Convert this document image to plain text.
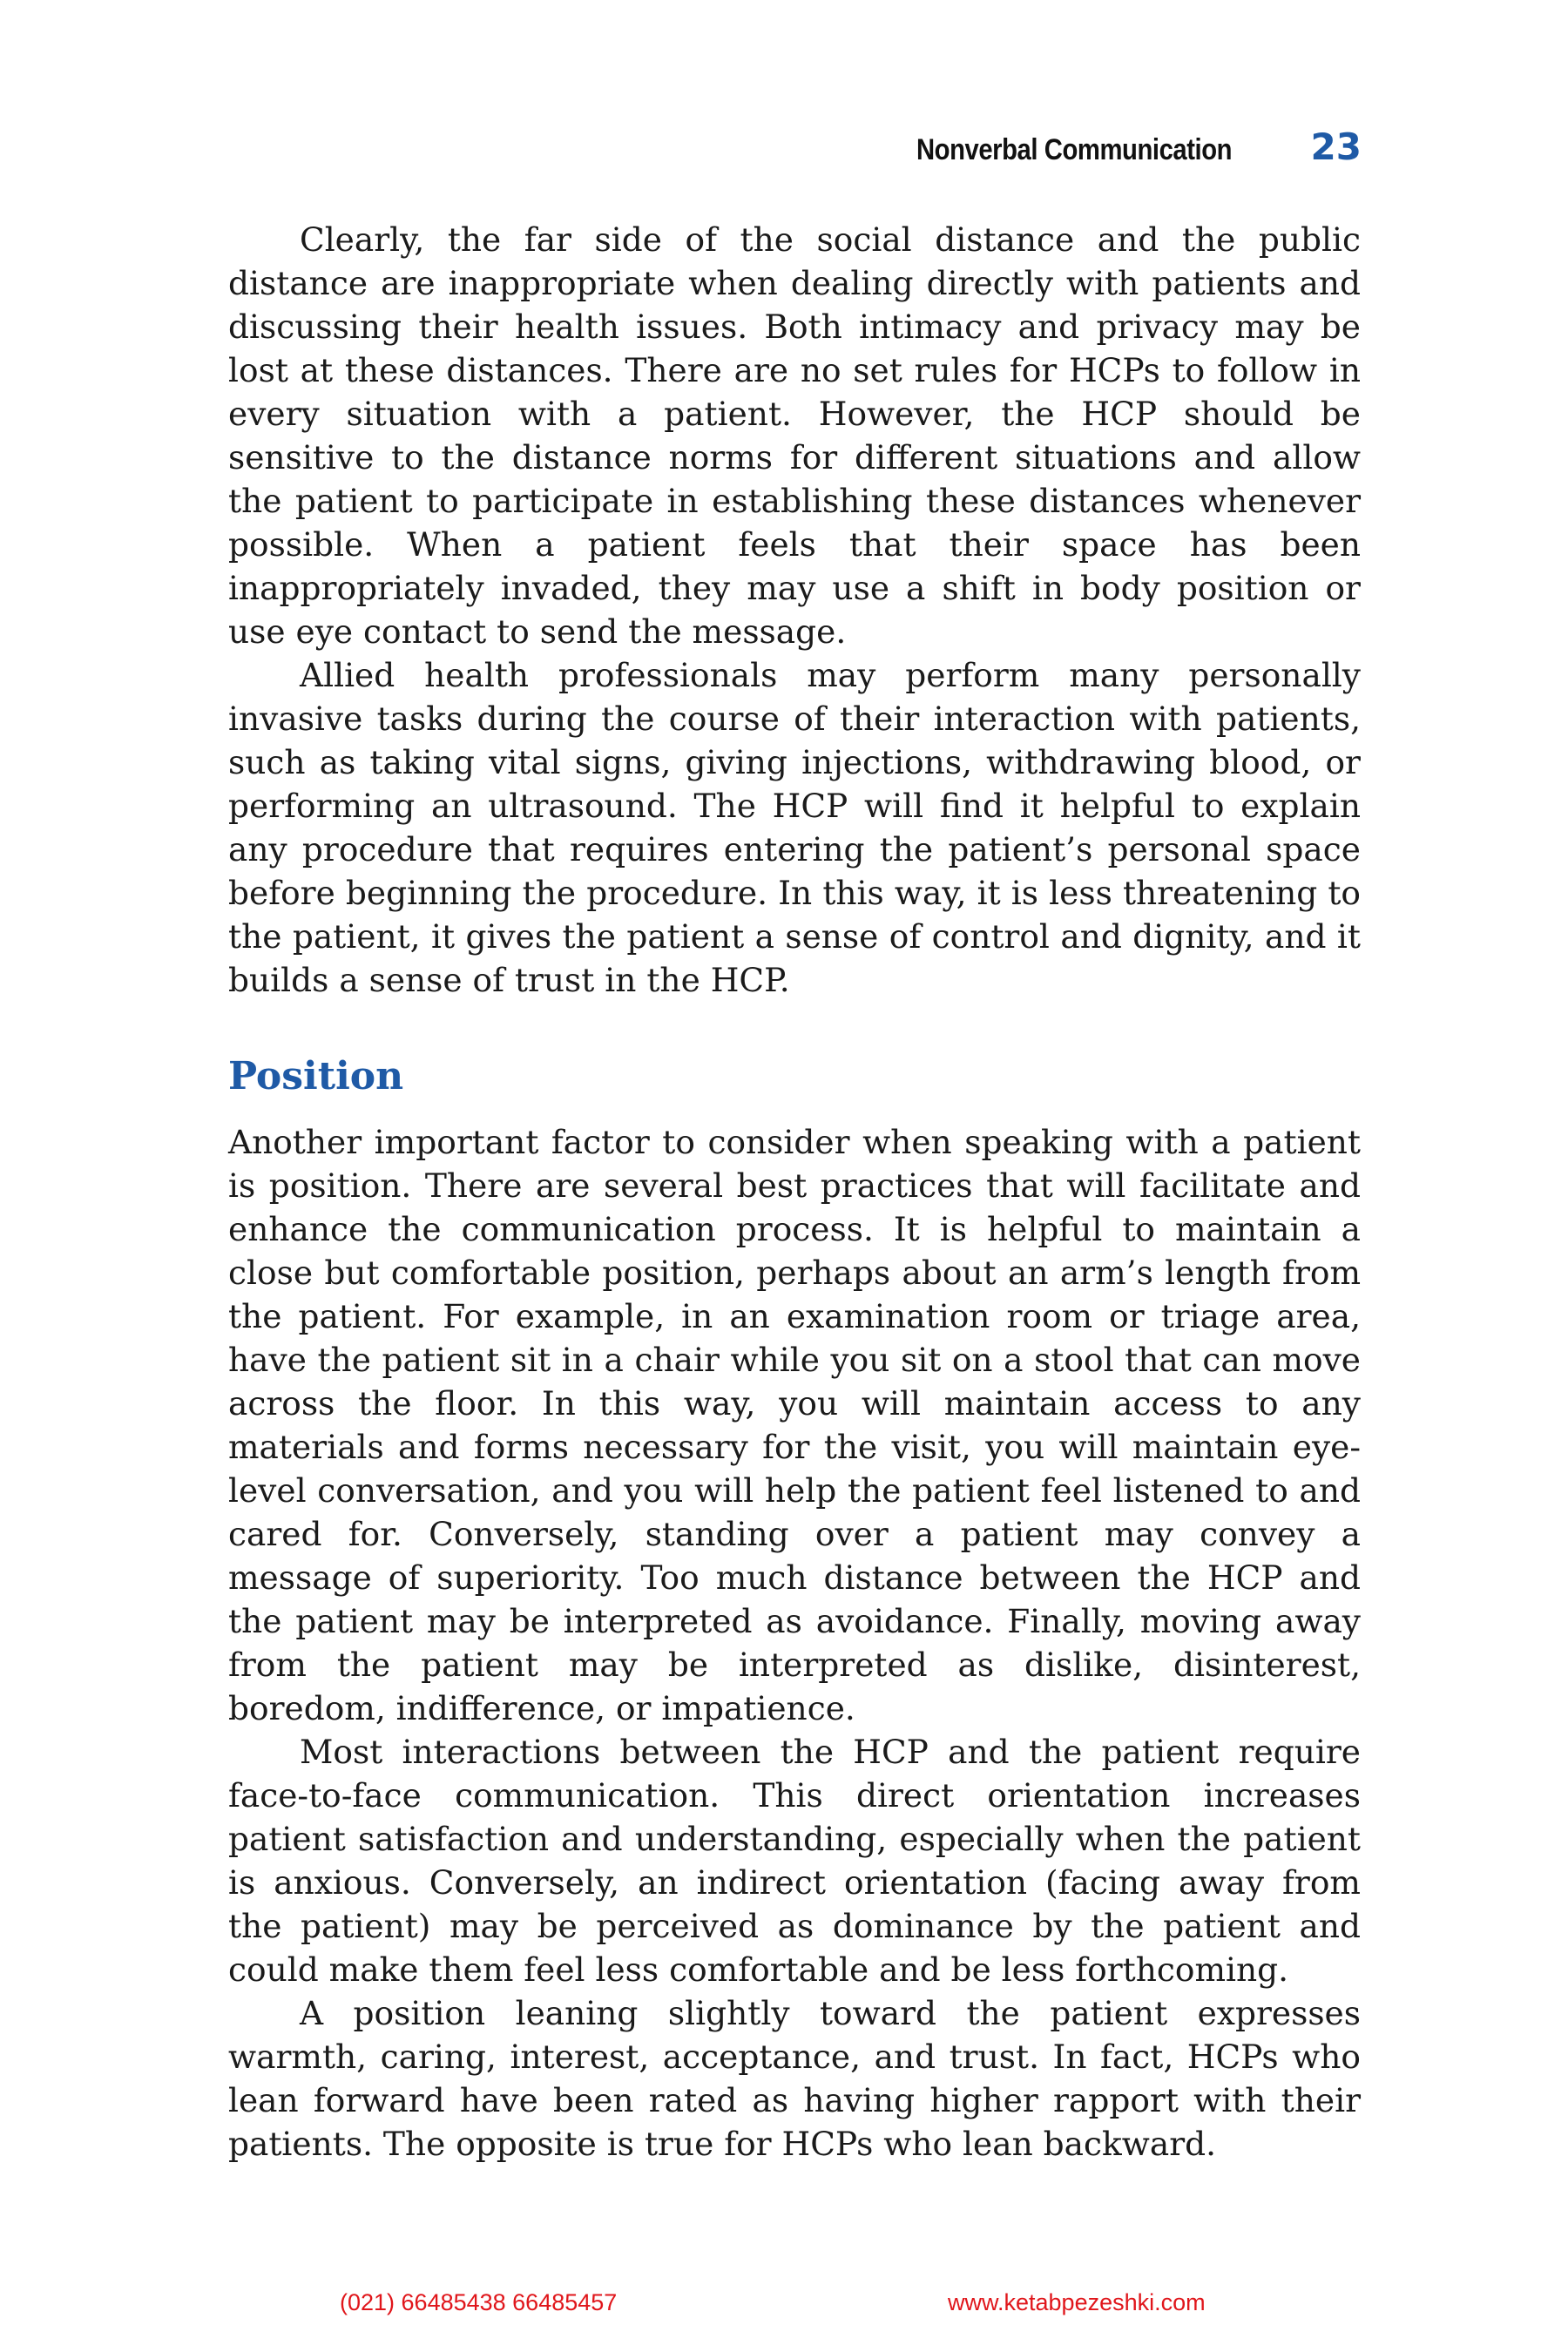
Nonverbal Communication 23

Clearly, the far side of the social distance and the public distance are inappropriate when dealing directly with patients and discussing their health issues. Both intimacy and privacy may be lost at these distances. There are no set rules for HCPs to follow in every situation with a patient. However, the HCP should be sensitive to the distance norms for different situations and allow the patient to participate in establishing these distances whenever possible. When a patient feels that their space has been inappropriately invaded, they may use a shift in body position or use eye contact to send the message.

Allied health professionals may perform many personally invasive tasks during the course of their interaction with patients, such as taking vital signs, giving injections, withdrawing blood, or performing an ultrasound. The HCP will find it helpful to explain any procedure that requires entering the patient’s personal space before beginning the procedure. In this way, it is less threatening to the patient, it gives the patient a sense of control and dignity, and it builds a sense of trust in the HCP.

Position

Another important factor to consider when speaking with a patient is position. There are several best practices that will facilitate and enhance the communication process. It is helpful to maintain a close but comfortable position, perhaps about an arm’s length from the patient. For example, in an examination room or triage area, have the patient sit in a chair while you sit on a stool that can move across the floor. In this way, you will maintain access to any materials and forms necessary for the visit, you will maintain eye-level conversation, and you will help the patient feel listened to and cared for. Conversely, standing over a patient may convey a message of superiority. Too much distance between the HCP and the patient may be interpreted as avoidance. Finally, moving away from the patient may be interpreted as dislike, disinterest, boredom, indifference, or impatience.

Most interactions between the HCP and the patient require face-to-face communication. This direct orientation increases patient satisfaction and understanding, especially when the patient is anxious. Conversely, an indirect orientation (facing away from the patient) may be perceived as dominance by the patient and could make them feel less comfortable and be less forthcoming.

A position leaning slightly toward the patient expresses warmth, caring, interest, acceptance, and trust. In fact, HCPs who lean forward have been rated as having higher rapport with their patients. The opposite is true for HCPs who lean backward.

(021) 66485438 66485457	www.ketabpezeshki.com
